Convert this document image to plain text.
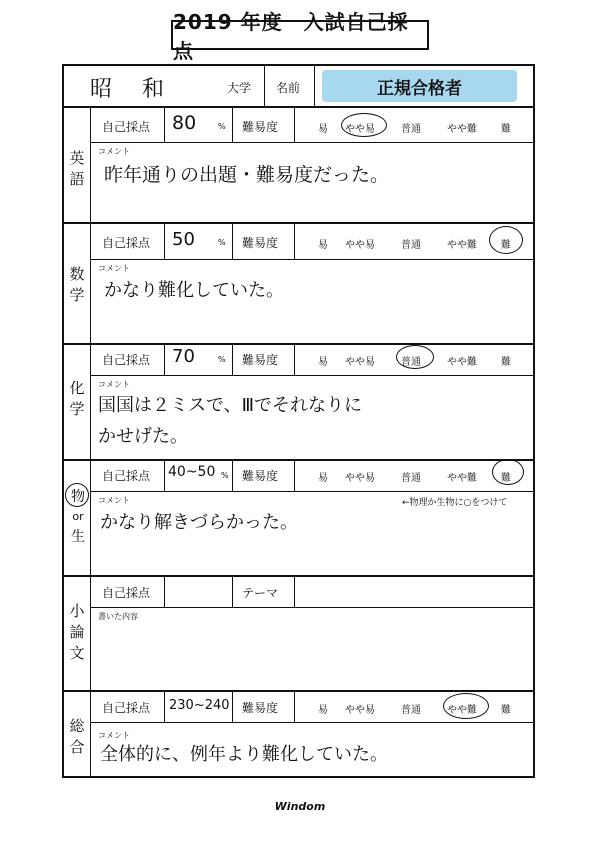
2019 年度　入試自己採点
正規合格者
昭　和	大学 名前
英
語
自己採点 80	% 難易度	易 やや易	普通	やや難 難
コメント
昨年通りの出題・難易度だった。
数
学
自己採点 50	% 難易度	易 やや易	普通	やや難 難
コメント
かなり難化していた。
化
学
自己採点 70	% 難易度	易 やや易	普通	やや難 難
コメント
国国は２ミスで、Ⅲでそれなりに
かせげた。
物
or
生
自己採点 40~50 % 難易度	易 やや易	普通	やや難 難
コメント	←物理か生物に○をつけて
かなり解きづらかった。
小
論
文
自己採点	テーマ
書いた内容
総
合
自己採点 230~240 難易度	易 やや易	普通	やや難 難
コメント
全体的に、例年より難化していた。
Windom
